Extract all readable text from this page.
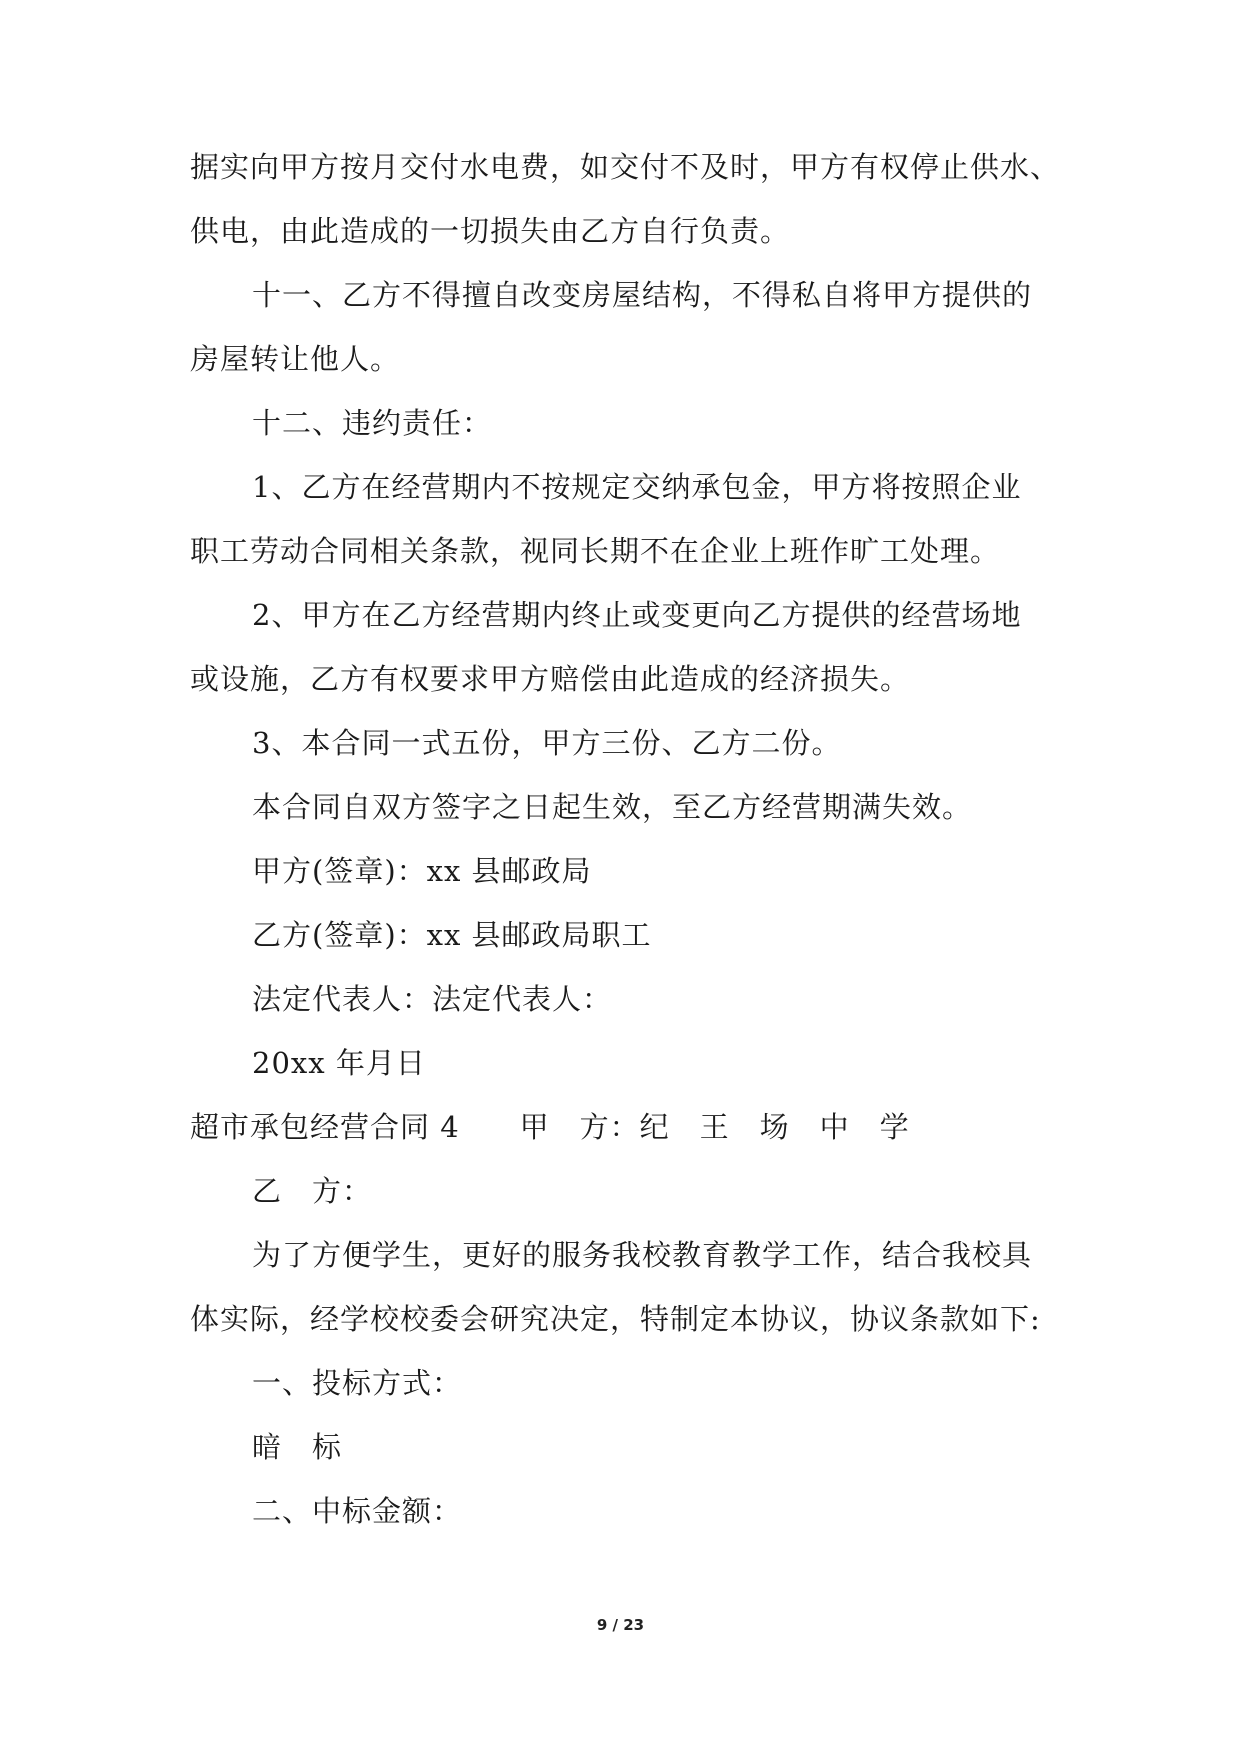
据实向甲方按月交付水电费，如交付不及时，甲方有权停止供水、
供电，由此造成的一切损失由乙方自行负责。
十一、乙方不得擅自改变房屋结构，不得私自将甲方提供的
房屋转让他人。
十二、违约责任：
1、乙方在经营期内不按规定交纳承包金，甲方将按照企业
职工劳动合同相关条款，视同长期不在企业上班作旷工处理。
2、甲方在乙方经营期内终止或变更向乙方提供的经营场地
或设施，乙方有权要求甲方赔偿由此造成的经济损失。
3、本合同一式五份，甲方三份、乙方二份。
本合同自双方签字之日起生效，至乙方经营期满失效。
甲方(签章)：xx 县邮政局
乙方(签章)：xx 县邮政局职工
法定代表人：法定代表人：
20xx 年月日
超市承包经营合同 4　　甲　方：纪　王　场　中　学
乙　方：
为了方便学生，更好的服务我校教育教学工作，结合我校具
体实际，经学校校委会研究决定，特制定本协议，协议条款如下:
一、投标方式：
暗　标
二、中标金额：
9 / 23
